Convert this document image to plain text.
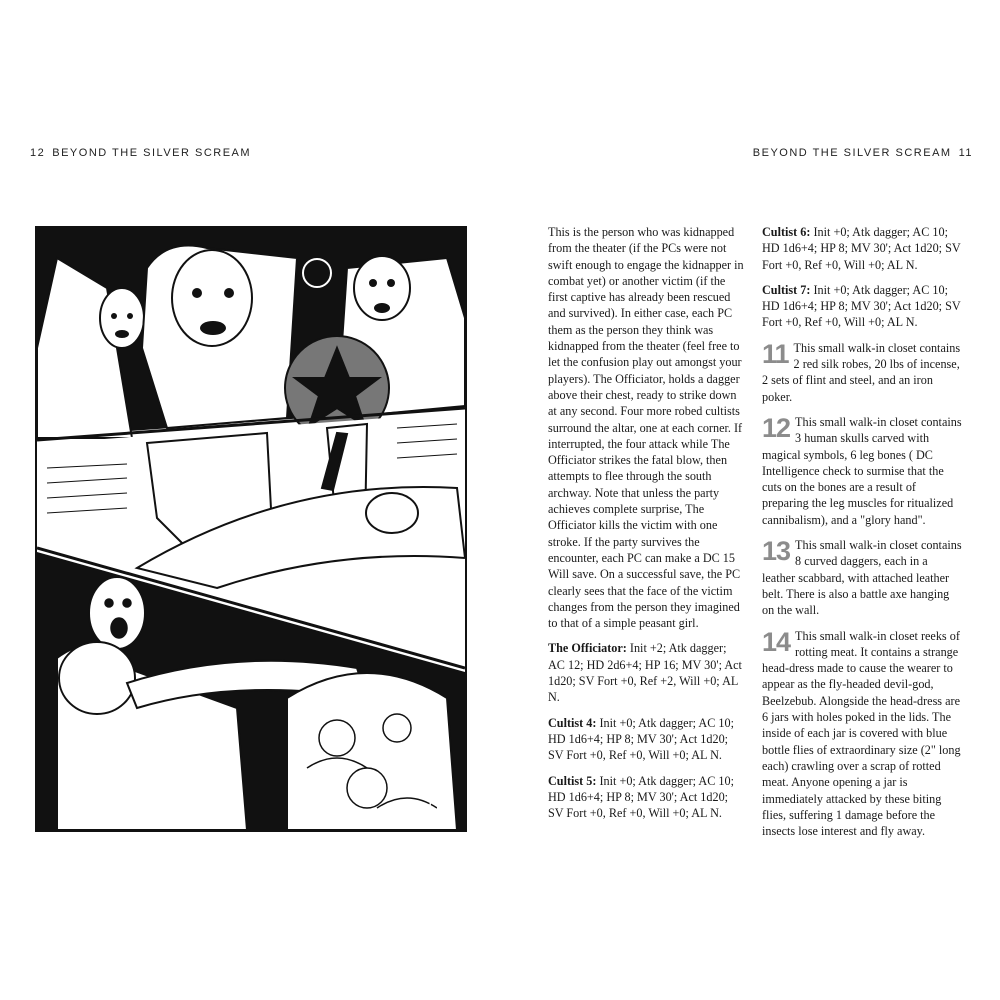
12 BEYOND THE SILVER SCREAM	BEYOND THE SILVER SCREAM 11
M

This is the person who was kidnapped from the theater (if the PCs were not swift enough to engage the kidnapper in combat yet) or another victim (if the first captive has already been rescued and survived). In either case, each PC them as the person they think was kidnapped from the theater (feel free to let the confusion play out amongst your players). The Officiator, holds a dagger above their chest, ready to strike down at any second. Four more robed cultists surround the altar, one at each corner. If interrupted, the four attack while The Officiator strikes the fatal blow, then attempts to flee through the south archway. Note that unless the party achieves complete surprise, The Officiator kills the victim with one stroke. If the party survives the encounter, each PC can make a DC 15 Will save. On a successful save, the PC clearly sees that the face of the victim changes from the person they imagined to that of a simple peasant girl.

The Officiator: Init +2; Atk dagger; AC 12; HD 2d6+4; HP 16; MV 30'; Act 1d20; SV Fort +0, Ref +2, Will +0; AL N.

Cultist 4: Init +0; Atk dagger; AC 10; HD 1d6+4; HP 8; MV 30'; Act 1d20; SV Fort +0, Ref +0, Will +0; AL N.

Cultist 5: Init +0; Atk dagger; AC 10; HD 1d6+4; HP 8; MV 30'; Act 1d20; SV Fort +0, Ref +0, Will +0; AL N.

Cultist 6: Init +0; Atk dagger; AC 10; HD 1d6+4; HP 8; MV 30'; Act 1d20; SV Fort +0, Ref +0, Will +0; AL N.

Cultist 7: Init +0; Atk dagger; AC 10; HD 1d6+4; HP 8; MV 30'; Act 1d20; SV Fort +0, Ref +0, Will +0; AL N.

11 This small walk-in closet contains 2 red silk robes, 20 lbs of incense, 2 sets of flint and steel, and an iron poker.
12 This small walk-in closet contains 3 human skulls carved with magical symbols, 6 leg bones ( DC Intelligence check to surmise that the cuts on the bones are a result of preparing the leg muscles for ritualized cannibalism), and a "glory hand".
13 This small walk-in closet contains 8 curved daggers, each in a leather scabbard, with attached leather belt. There is also a battle axe hanging on the wall.
14 This small walk-in closet reeks of rotting meat. It contains a strange head-dress made to cause the wearer to appear as the fly-headed devil-god, Beelzebub. Alongside the head-dress are 6 jars with holes poked in the lids. The inside of each jar is covered with blue bottle flies of extraordinary size (2" long each) crawling over a scrap of rotted meat. Anyone opening a jar is immediately attacked by these biting flies, suffering 1 damage before the insects lose interest and fly away.
